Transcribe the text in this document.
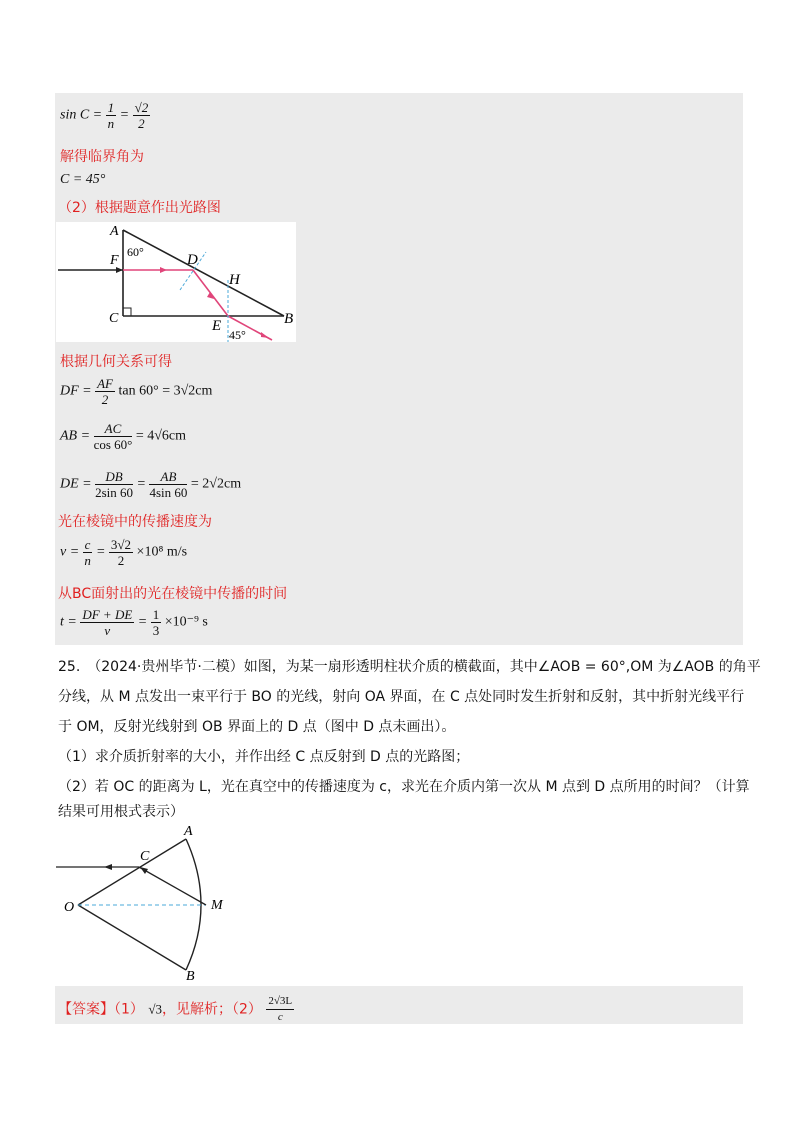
$\sin C = \frac{1}{n} = \frac{√2}{2}$
解得临界角为
C = 45°
（2）根据题意作出光路图
A
60°
F
C
D
H
E	B
45°
根据几何关系可得
DF = $\frac{AF}{2}$ tan 60° = 3√2cm
AB = $\frac{AC}{\cos 60^\circ} = 4√6cm$
DE = $\frac{DB}{2\sin 60} = \frac{AB}{4\sin 60} = 2√2cm$
光在棱镜中的传播速度为
$v = \frac{c}{n} = \frac{3√2}{2} \times 10^8$ m/s
从BC面射出的光在棱镜中传播的时间
$t = \frac{DF + DE}{v} = \frac{1}{3} \times 10^{-9}$ s
25.　（2024·贵州毕节·二模）如图，为某一扇形透明柱状介质的横截面，其中∠AOB = 60°,OM 为∠AOB 的角平
分线，从 M 点发出一束平行于 BO 的光线，射向 OA 界面，在 C 点处同时发生折射和反射，其中折射光线平行
于 OM，反射光线射到 OB 界面上的 D 点（图中 D 点未画出）。
（1）求介质折射率的大小，并作出经 C 点反射到 D 点的光路图；
（2）若 OC 的距离为 L，光在真空中的传播速度为 c，求光在介质内第一次从 M 点到 D 点所用的时间？（计算
结果可用根式表示）
A
C
O	M
B
【答案】（1） √3，见解析；$(2) \frac{2√3L}{c}$
